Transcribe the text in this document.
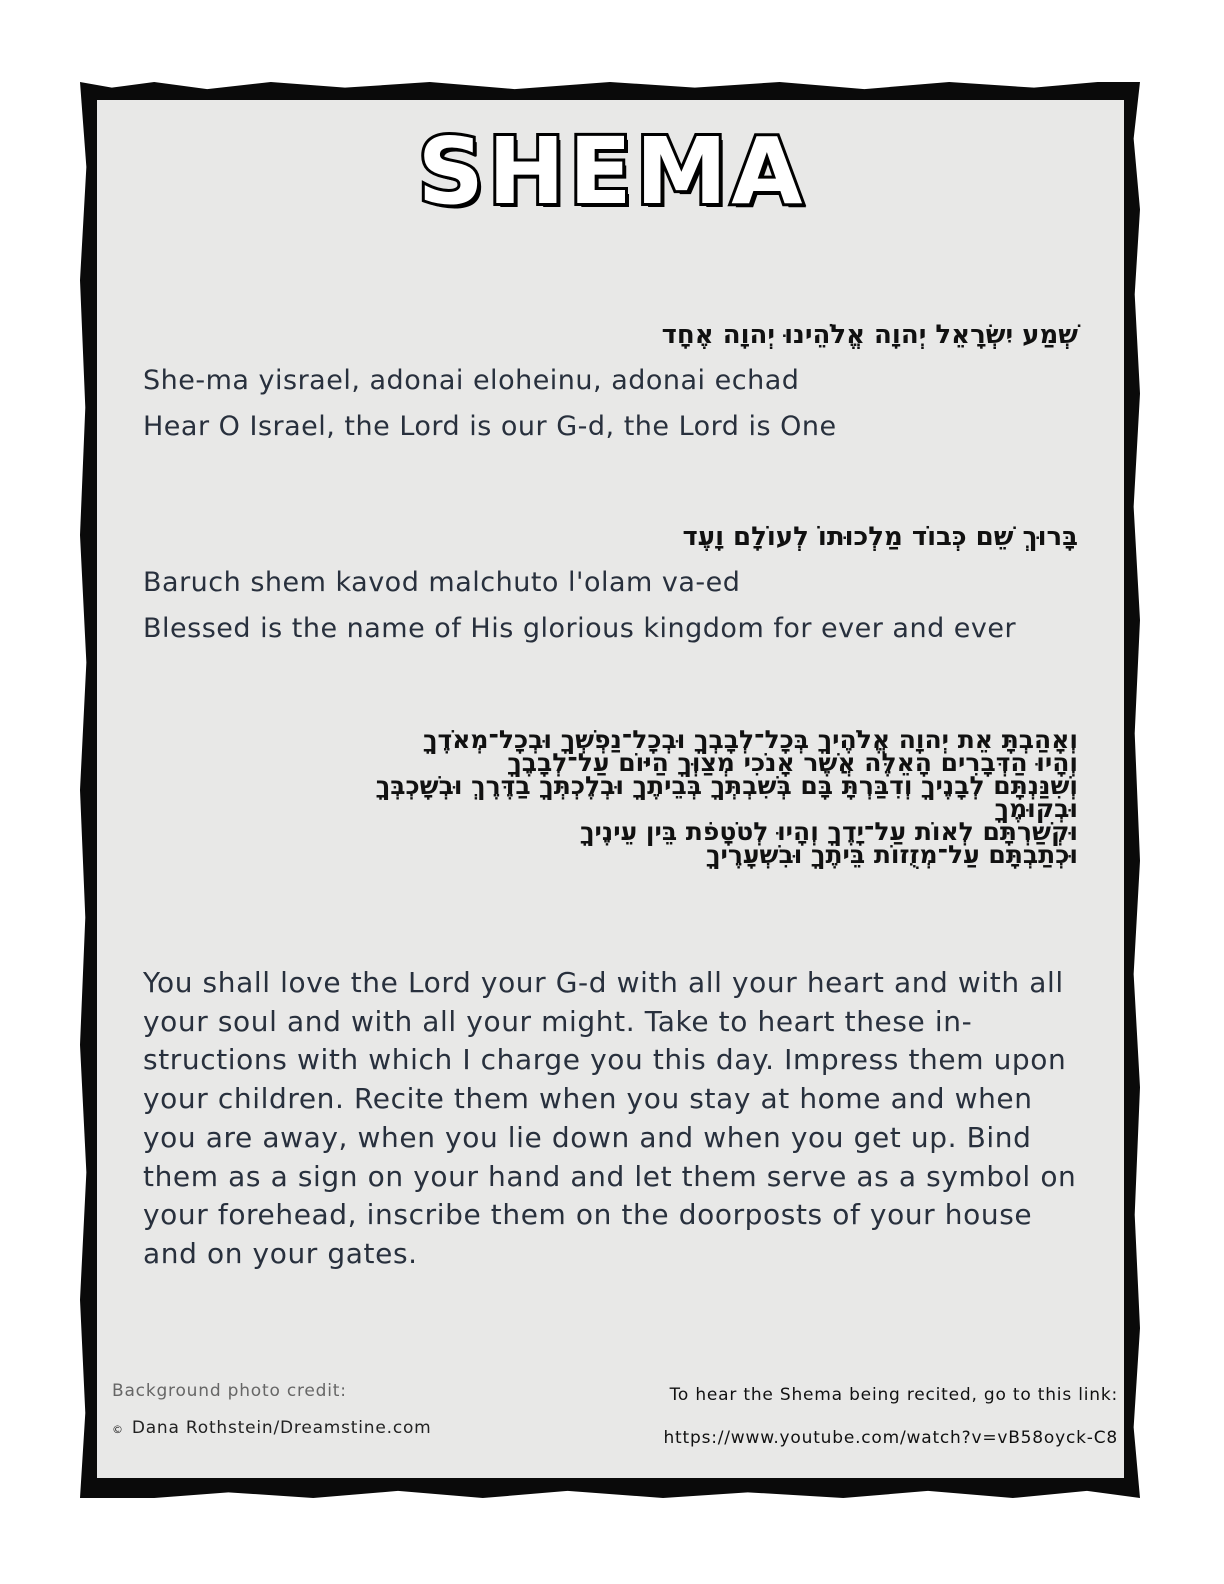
SHEMA
שְׁמַע יִשְׂרָאֵל יְהוָה אֱלֹהֵינוּ יְהוָה אֶחָד
She-ma yisrael, adonai eloheinu, adonai echad
Hear O Israel, the Lord is our G-d, the Lord is One
בָּרוּךְ שֵׁם כְּבוֹד מַלְכוּתוֹ לְעוֹלָם וָעֶד
Baruch shem kavod malchuto l'olam va-ed
Blessed is the name of His glorious kingdom for ever and ever
וְאָהַבְתָּ אֵת יְהוָה אֱלֹהֶיךָ בְּכָל־לְבָבְךָ וּבְכָל־נַפְשְׁךָ וּבְכָל־מְאֹדֶךָ
וְהָיוּ הַדְּבָרִים הָאֵלֶּה אֲשֶׁר אָנֹכִי מְצַוְּךָ הַיּוֹם עַל־לְבָבֶךָ
וְשִׁנַּנְתָּם לְבָנֶיךָ וְדִבַּרְתָּ בָּם בְּשִׁבְתְּךָ בְּבֵיתֶךָ וּבְלֶכְתְּךָ בַדֶּרֶךְ וּבְשָׁכְבְּךָ
וּבְקוּמֶךָ
וּקְשַׁרְתָּם לְאוֹת עַל־יָדֶךָ וְהָיוּ לְטֹטָפֹת בֵּין עֵינֶיךָ
וּכְתַבְתָּם עַל־מְזֻזוֹת בֵּיתֶךָ וּבִשְׁעָרֶיךָ
You shall love the Lord your G-d with all your heart and with all your soul and with all your might. Take to heart these in-structions with which I charge you this day. Impress them upon your children. Recite them when you stay at home and when you are away, when you lie down and when you get up. Bind them as a sign on your hand and let them serve as a symbol on your forehead, inscribe them on the doorposts of your house and on your gates.
Background photo credit:
© Dana Rothstein/Dreamstine.com
To hear the Shema being recited, go to this link:
https://www.youtube.com/watch?v=vB58oyck-C8
